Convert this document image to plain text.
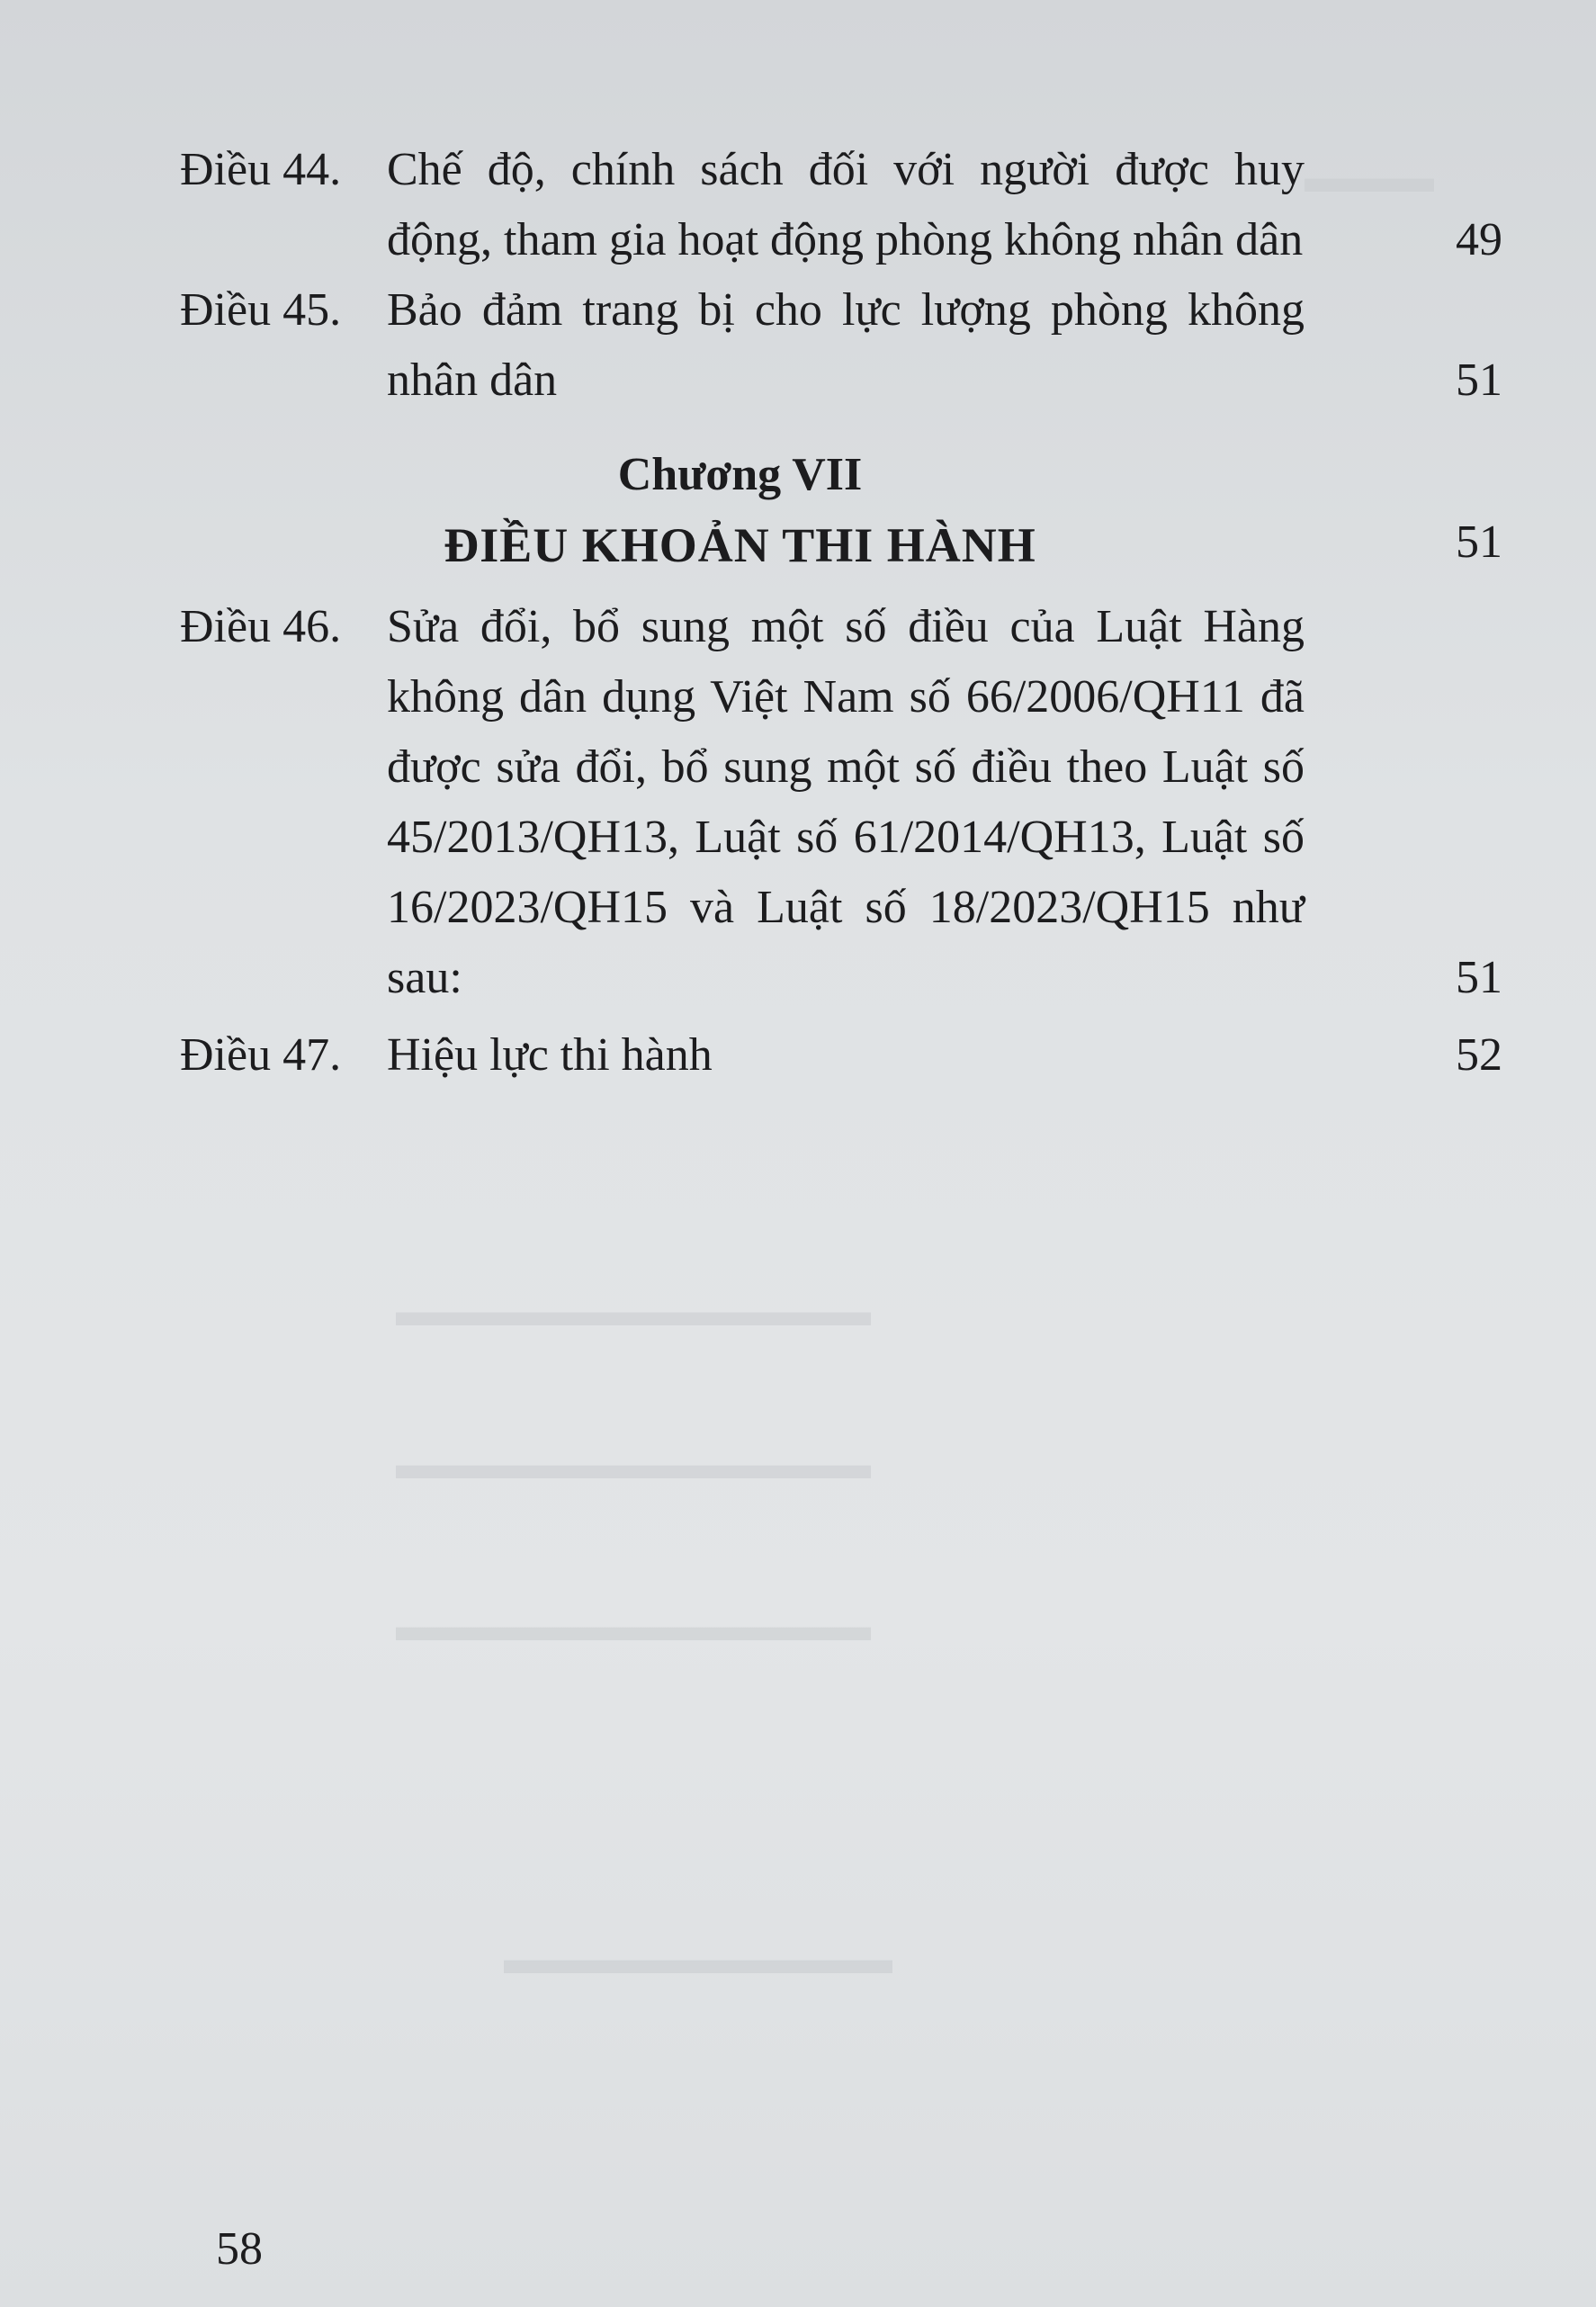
▬▬▬
▬▬▬▬▬▬▬▬▬▬▬
▬▬▬▬▬▬▬▬▬▬▬
▬▬▬▬▬▬▬▬▬▬▬
▬▬▬▬▬▬▬▬▬
Điều 44. Chế độ, chính sách đối với người được huy động, tham gia hoạt động phòng không nhân dân	49
Điều 45. Bảo đảm trang bị cho lực lượng phòng không nhân dân	51
Chương VII
ĐIỀU KHOẢN THI HÀNH	51
Điều 46. Sửa đổi, bổ sung một số điều của Luật Hàng không dân dụng Việt Nam số 66/2006/QH11 đã được sửa đổi, bổ sung một số điều theo Luật số 45/2013/QH13, Luật số 61/2014/QH13, Luật số 16/2023/QH15 và Luật số 18/2023/QH15 như sau:	51
Điều 47. Hiệu lực thi hành	52
58
